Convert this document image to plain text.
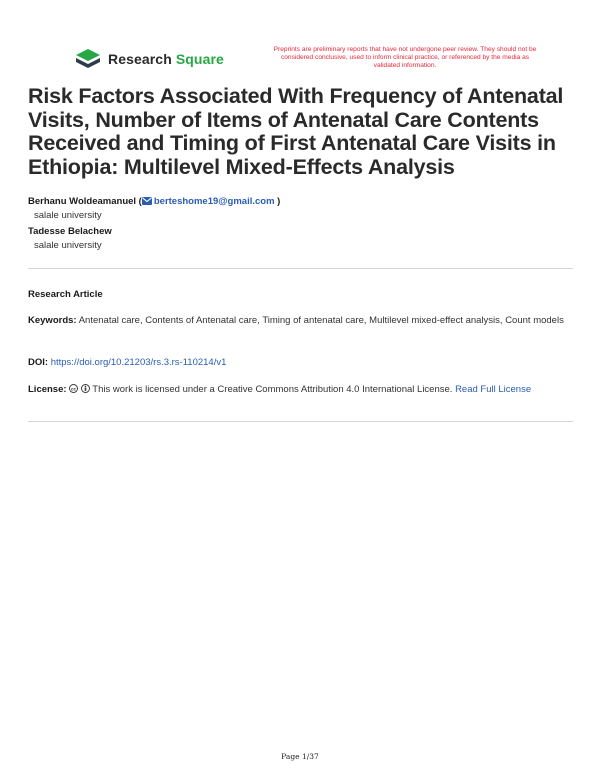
Research Square
Preprints are preliminary reports that have not undergone peer review. They should not be considered conclusive, used to inform clinical practice, or referenced by the media as validated information.
Risk Factors Associated With Frequency of Antenatal Visits, Number of Items of Antenatal Care Contents Received and Timing of First Antenatal Care Visits in Ethiopia: Multilevel Mixed-Effects Analysis
Berhanu Woldeamanuel ( berteshome19@gmail.com )
salale university
Tadesse Belachew
salale university
Research Article
Keywords: Antenatal care, Contents of Antenatal care, Timing of antenatal care, Multilevel mixed-effect analysis, Count models
DOI: https://doi.org/10.21203/rs.3.rs-110214/v1
License: cc This work is licensed under a Creative Commons Attribution 4.0 International License. Read Full License
Page 1/37
